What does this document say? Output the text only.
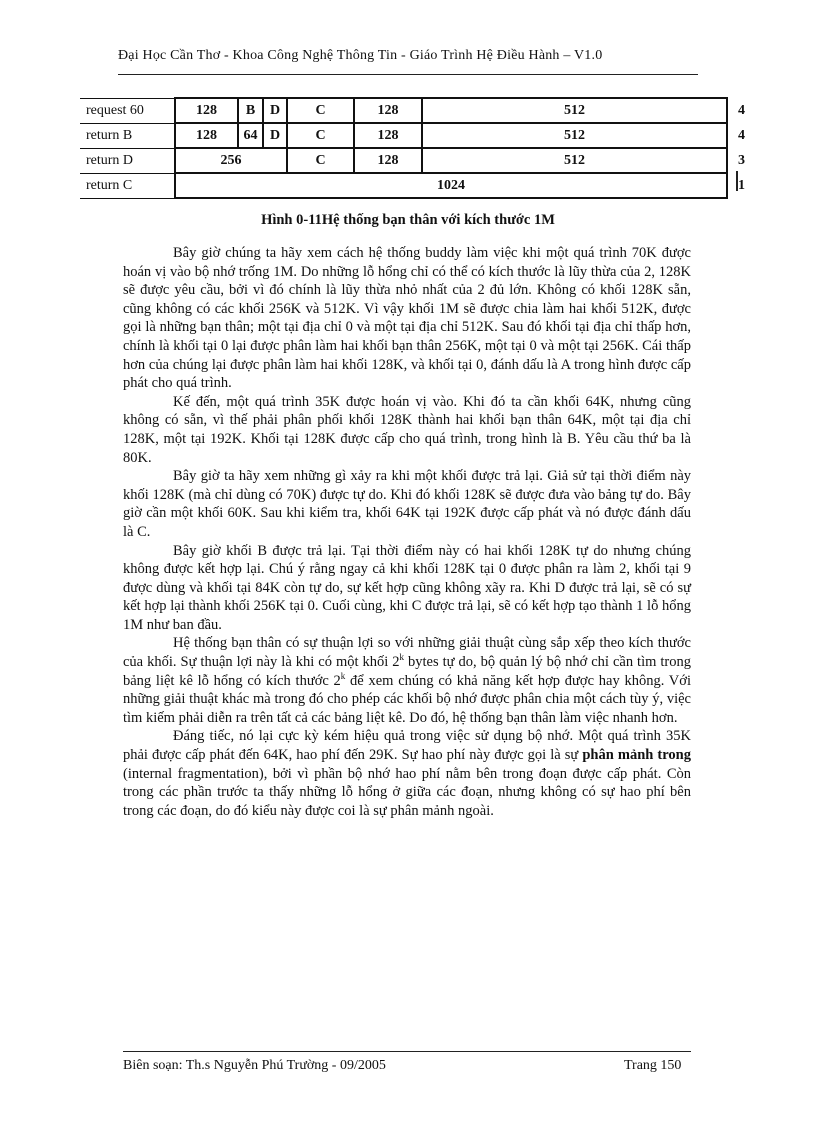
Đại Học Cần Thơ - Khoa Công Nghệ Thông Tin - Giáo Trình Hệ Điều Hành – V1.0
request 60	128	B	D	C	128	512	4
return B	128	64	D	C	128	512	4
return D	256			C	128	512	3
return C	1024						1
Hình 0-11Hệ thống bạn thân với kích thước 1M

Bây giờ chúng ta hãy xem cách hệ thống buddy làm việc khi một quá trình 70K được hoán vị vào bộ nhớ trống 1M. Do những lỗ hổng chỉ có thể có kích thước là lũy thừa của 2, 128K sẽ được yêu cầu, bởi vì đó chính là lũy thừa nhỏ nhất của 2 đủ lớn. Không có khối 128K sẵn, cũng không có các khối 256K và 512K. Vì vậy khối 1M sẽ được chia làm hai khối 512K, được gọi là những bạn thân; một tại địa chỉ 0 và một tại địa chỉ 512K. Sau đó khối tại địa chỉ thấp hơn, chính là khối tại 0 lại được phân làm hai khối bạn thân 256K, một tại 0 và một tại 256K. Cái thấp hơn của chúng lại được phân làm hai khối 128K, và khối tại 0, đánh dấu là A trong hình được cấp phát cho quá trình.

Kế đến, một quá trình 35K được hoán vị vào. Khi đó ta cần khối 64K, nhưng cũng không có sẵn, vì thế phải phân phối khối 128K thành hai khối bạn thân 64K, một tại địa chỉ 128K, một tại 192K. Khối tại 128K được cấp cho quá trình, trong hình là B. Yêu cầu thứ ba là 80K.

Bây giờ ta hãy xem những gì xảy ra khi một khối được trả lại. Giả sử tại thời điểm này khối 128K (mà chỉ dùng có 70K) được tự do. Khi đó khối 128K sẽ được đưa vào bảng tự do. Bây giờ cần một khối 60K. Sau khi kiểm tra, khối 64K tại 192K được cấp phát và nó được đánh dấu là C.

Bây giờ khối B được trả lại. Tại thời điểm này có hai khối 128K tự do nhưng chúng không được kết hợp lại. Chú ý rằng ngay cả khi khối 128K tại 0 được phân ra làm 2, khối tại 9 được dùng và khối tại 84K còn tự do, sự kết hợp cũng không xãy ra. Khi D được trả lại, sẽ có sự kết hợp lại thành khối 256K tại 0. Cuối cùng, khi C được trả lại, sẽ có kết hợp tạo thành 1 lỗ hổng 1M như ban đầu.

Hệ thống bạn thân có sự thuận lợi so với những giải thuật cùng sắp xếp theo kích thước của khối. Sự thuận lợi này là khi có một khối 2$^k$ bytes tự do, bộ quản lý bộ nhớ chỉ cần tìm trong bảng liệt kê lỗ hổng có kích thước 2$^k$ để xem chúng có khả năng kết hợp được hay không. Với những giải thuật khác mà trong đó cho phép các khối bộ nhớ được phân chia một cách tùy ý, việc tìm kiếm phải diễn ra trên tất cả các bảng liệt kê. Do đó, hệ thống bạn thân làm việc nhanh hơn.

Đáng tiếc, nó lại cực kỳ kém hiệu quả trong việc sử dụng bộ nhớ. Một quá trình 35K phải được cấp phát đến 64K, hao phí đến 29K. Sự hao phí này được gọi là sự phân mảnh trong (internal fragmentation), bởi vì phần bộ nhớ hao phí nằm bên trong đoạn được cấp phát. Còn trong các phần trước ta thấy những lỗ hổng ở giữa các đoạn, nhưng không có sự hao phí bên trong các đoạn, do đó kiểu này được coi là sự phân mảnh ngoài.

Biên soạn: Th.s Nguyễn Phú Trường - 09/2005	Trang 150
